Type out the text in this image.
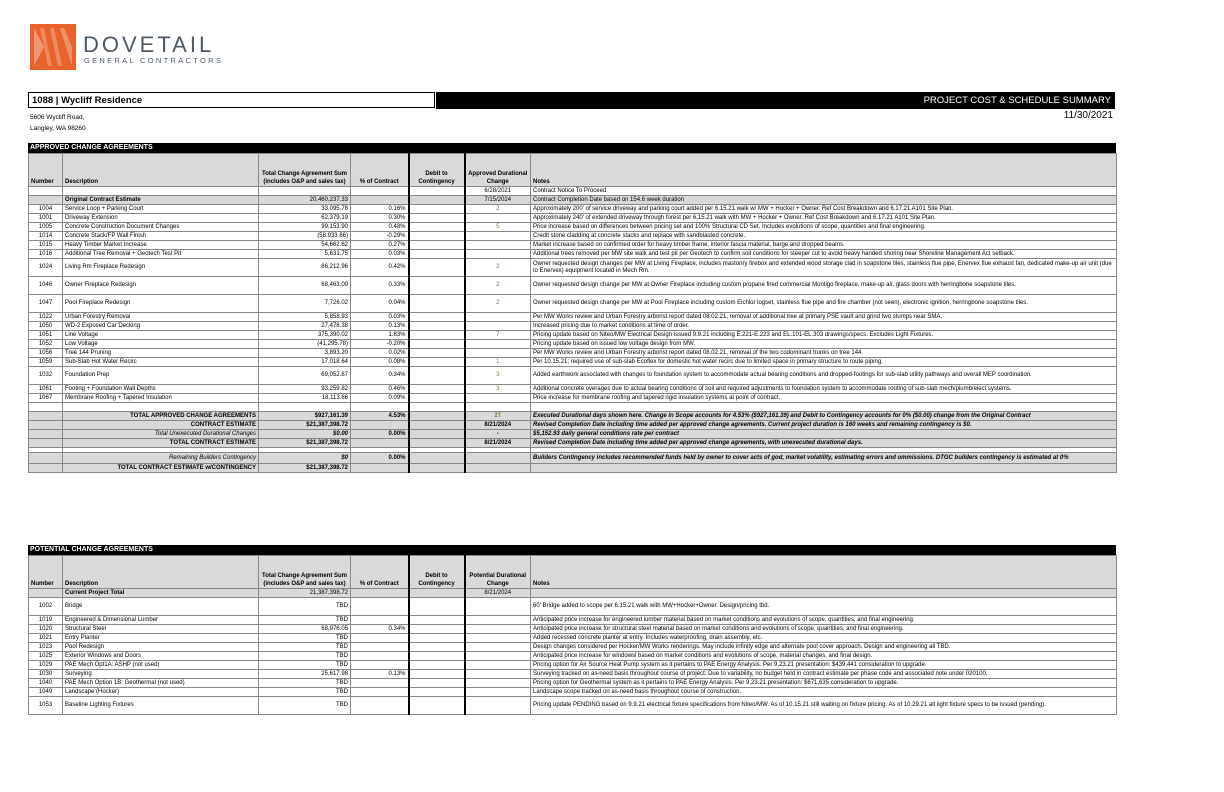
DOVETAIL
GENERAL CONTRACTORS
1088 | Wycliff Residence	PROJECT COST & SCHEDULE SUMMARY
11/30/2021
5606 Wycliff Road,
Langley, WA 98260
APPROVED CHANGE AGREEMENTS
Number	Description	Total Change Agreement Sum (includes O&P and sales tax)	% of Contract	Debit to Contingency	Approved Durational Change	Notes
					6/28/2021	Contract Notice To Proceed
	Original Contract Estimate	20,460,237.33			7/15/2024	Contract Completion Date based on 154.6 week duration
1004	Service Loop + Parking Court	33,095.78	0.16%		2	Approximately 200' of service driveway and parking court added per 6.15.21 walk w/ MW + Hocker + Owner. Ref Cost Breakdown and 6.17.21 A101 Site Plan.
1001	Driveway Extension	62,379.19	0.30%			Approximately 240' of extended driveway through forest per 6.15.21 walk with MW + Hocker + Owner. Ref Cost Breakdown and 6.17.21 A101 Site Plan.
1005	Concrete Construction Document Changes	99,153.90	0.48%		5	Price increase based on differences between pricing set and 100% Structural CD Set. Includes evolutions of scope, quantities and final engineering.
1014	Concrete Stack/FP Wall Finish	(58,933.66)	-0.29%			Credit stone cladding at concrete stacks and replace with sandblasted concrete.
1015	Heavy Timber Market Increase	54,662.62	0.27%			Market increase based on confirmed order for heavy timber frame, interior fascia material, barge and dropped beams.
1016	Additional Tree Removal + Geotech Test Pit	5,631.75	0.03%			Additional trees removed per MW site walk and test pit per Geotech to confirm soil conditions for steeper cut to avoid heavy handed shoring near Shoreline Management Act setback.
1024	Living Rm Fireplace Redesign	86,212.96	0.42%		2	Owner requested design changes per MW at Living Fireplace, includes mastonry firebox and extended wood storage clad in soapstone tiles, stainless flue pipe, Enervex flue exhaust fan, dedicated make-up air unit (due to Enervex) equipment located in Mech Rm.
1046	Owner Fireplace Redesign	68,463.09	0.33%		2	Owner requested design change per MW at Owner Fireplace including custom propane fired commercial Montigo fireplace, make-up air, glass doors with herringbone soapstone tiles.
1047	Pool Fireplace Redesign	7,726.02	0.04%		2	Owner requested design change per MW at Pool Fireplace including custom Eichlor logset, stainless flue pipe and fire chamber (not seen), electronic ignition, herringbone soapstone tiles.
1022	Urban Forestry Removal	5,858.93	0.03%			Per MW Works review and Urban Forestry arborist report dated 08.02.21, removal of additional tree at primary PSE vault and grind two stumps near SMA.
1050	WD-2 Exposed Car Decking	27,478.38	0.13%			Increased pricing due to market conditions at time of order.
1051	Line Voltage	375,390.02	1.83%		7	Pricing update based on Niteo/MW Electrical Design issued 9.9.21 including E.221-E.223 and EL.101-EL.303 drawings/specs. Excludes Light Fixtures.
1052	Low Voltage	(41,295.78)	-0.20%			Pricing update based on issued low voltage design from MW.
1056	Tree 144 Pruning	3,893.20	0.02%			Per MW Works review and Urban Forestry arborist report dated 08.02.21, removal of the two codominant trunks on tree 144.
1059	Sub-Slab Hot Water Recirc	17,018.64	0.08%		1	Per 10.15.21; required use of sub-slab Ecoflex for domestic hot water recirc due to limited space in primary structure to route piping.
1032	Foundation Prep	69,052.87	0.34%		3	Added earthwork associated with changes to foundation system to accommodate actual bearing conditions and dropped-footings for sub-slab utility pathways and overall MEP coordination.
1061	Footing + Foundation Wall Depths	93,259.82	0.46%		3	Additional concrete overages due to actual bearing conditions of soil and required adjustments to foundation system to accommodate routing of sub-slab mech/plumb/elect systems.
1067	Membrane Roofing + Tapered Insulation	18,113.66	0.09%			Price increase for membrane roofing and tapered rigid insulation systems at point of contract.

	TOTAL APPROVED CHANGE AGREEMENTS	$927,161.39	4.53%		27	Executed Durational days shown here. Change in Scope accounts for 4.53% ($927,161.39) and Debit to Contingency accounts for 0% ($0.00) change from the Original Contract
	CONTRACT ESTIMATE	$21,387,398.72			8/21/2024	Revised Completion Date including time added per approved change agreements. Current project duration is 160 weeks and remaining contingency is $0.
	Total Unexecuted Durational Changes	$0.00	0.00%		-	$5,152.93 daily general conditions rate per contract
	TOTAL CONTRACT ESTIMATE	$21,387,398.72			8/21/2024	Revised Completion Date including time added per approved change agreements, with unexecuted durational days.

	Remaining Builders Contingency	$0	0.00%			Builders Contingency includes recommended funds held by owner to cover acts of god, market volatility, estimating errors and ommissions. DTGC builders contingency is estimated at 0%
	TOTAL CONTRACT ESTIMATE w/CONTINGENCY	$21,387,398.72				
POTENTIAL CHANGE AGREEMENTS
Number	Description	Total Change Agreement Sum (includes O&P and sales tax)	% of Contract	Debit to Contingency	Potential Durational Change	Notes
	Current Project Total	21,387,398.72			8/21/2024	
1002	Bridge	TBD				60' Bridge added to scope per 6.15.21 walk with MW+Hocker+Owner. Design/pricing tbd.
1019	Engineered & Dimensional Lumber	TBD				Anticipated price increase for engineered lumber material based on market conditions and evolutions of scope, quantities, and final engineering.
1020	Structural Steel	68,976.05	0.34%			Anticipated price increase for structural steel material based on market conditions and evolutions of scope, quantities, and final engineering.
1021	Entry Planter	TBD				Added recessed concrete planter at entry. Includes waterproofing, drain assembly, etc.
1023	Pool Redesign	TBD				Design changes considered per Hocker/MW Works renderings. May include infinity edge and alternate pool cover approach. Design and engineering all TBD.
1025	Exterior Windows and Doors	TBD				Anticipated price increase for windowsl based on market conditions and evolutions of scope, material changes, and final design.
1029	PAE Mech Opt1A: ASHP (not used)	TBD				Pricing option for Air Source Heat Pump system as it pertains to PAE Energy Analysis. Per 9.23.21 presentation: $439,441 consideration to upgrade.
1030	Surveying	25,617.98	0.13%			Surveying tracked on as-need basis throughout course of project. Due to variability, no budget held in contract estimate per phase code and associated note under 020100.
1040	PAE Mech Option 1B: Geothermal (not used)	TBD				Pricing option for Geothermal system as it pertains to PAE Energy Analysis. Per 9.23.21 presentation: $671,635 consideration to upgrade.
1049	Landscape (Hocker)	TBD				Landscape scope tracked on as-need basis throughout course of construction.
1053	Baseline Lighting Fixtures	TBD				Pricing update PENDING based on 9.9.21 electrical fixture specifications from Niteo/MW. As of 10.15.21 still waiting on fixture pricing. As of 10.29.21 alt light fixture specs to be issued (pending).
